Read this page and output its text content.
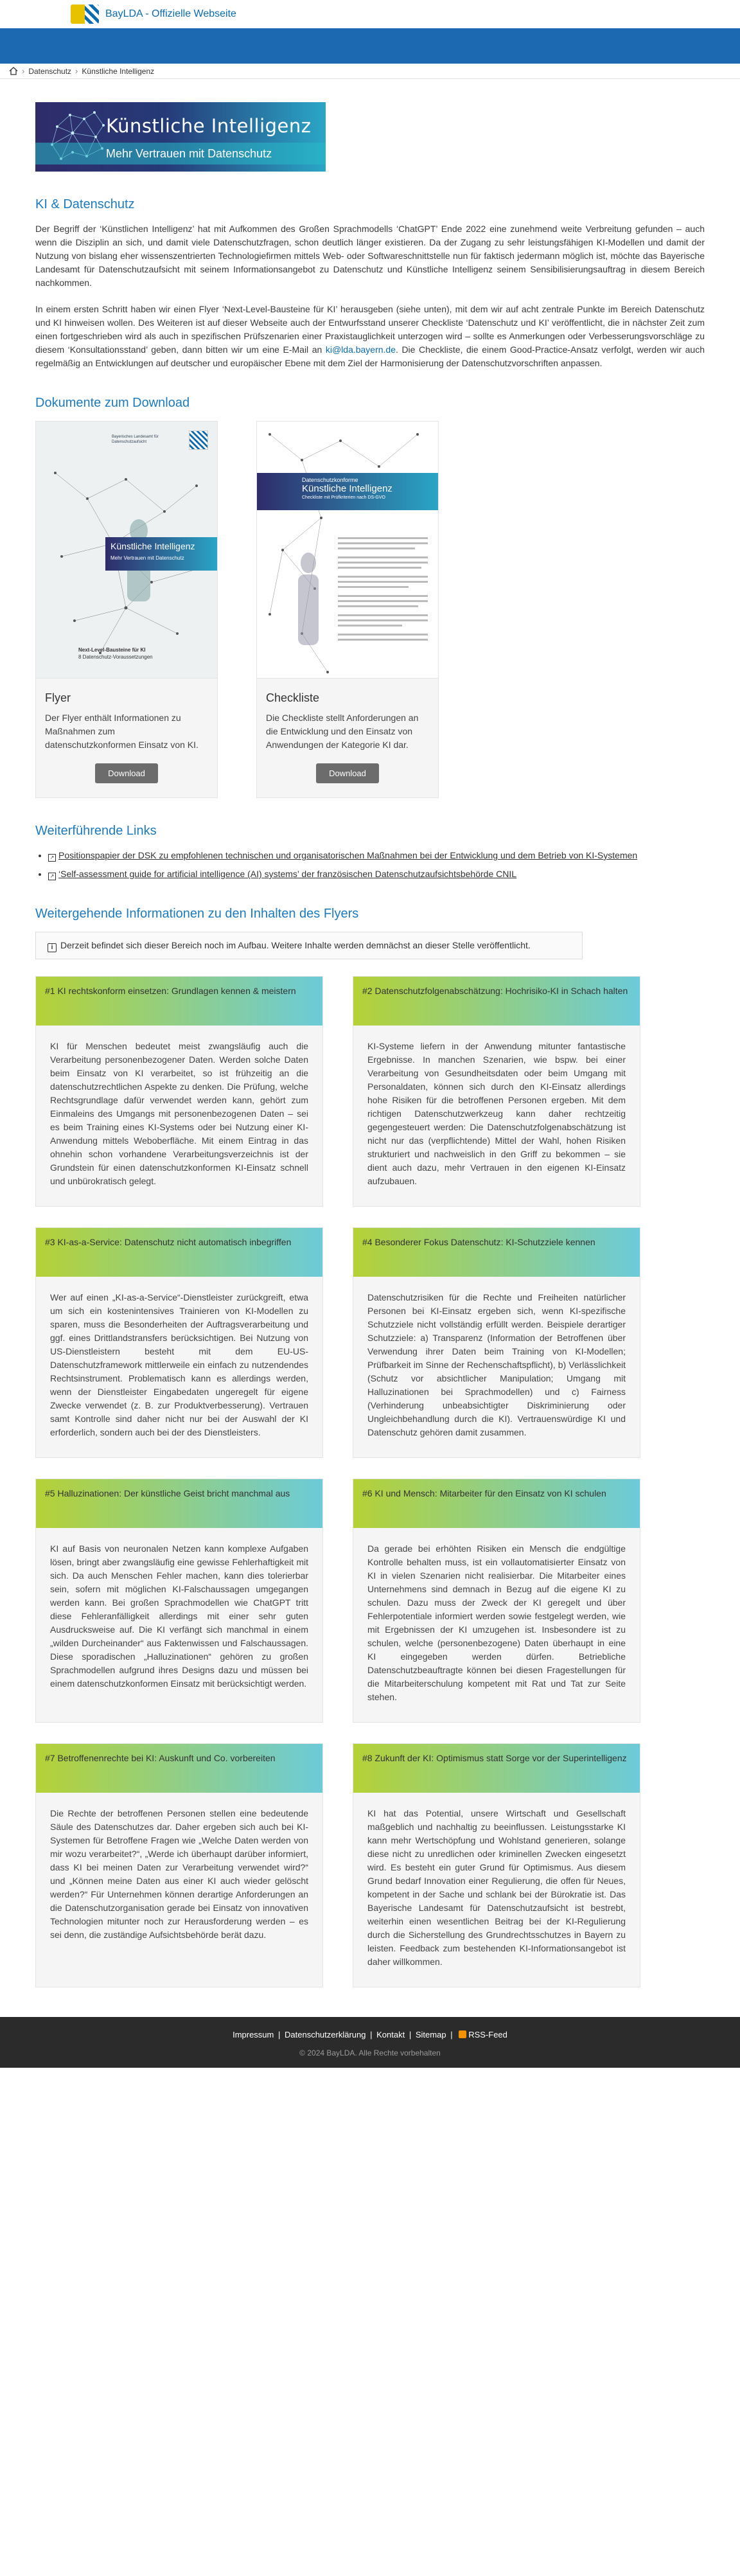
BayLDA - Offizielle Webseite
› Datenschutz › Künstliche Intelligenz
Künstliche Intelligenz
Mehr Vertrauen mit Datenschutz
KI & Datenschutz

Der Begriff der ‘Künstlichen Intelligenz’ hat mit Aufkommen des Großen Sprachmodells ‘ChatGPT’ Ende 2022 eine zunehmend weite Verbreitung gefunden – auch wenn die Disziplin an sich, und damit viele Datenschutzfragen, schon deutlich länger existieren. Da der Zugang zu sehr leistungsfähigen KI-Modellen und damit der Nutzung von bislang eher wissenszentrierten Technologiefirmen mittels Web- oder Softwareschnittstelle nun für faktisch jedermann möglich ist, möchte das Bayerische Landesamt für Datenschutzaufsicht mit seinem Informationsangebot zu Datenschutz und Künstliche Intelligenz seinem Sensibilisierungsauftrag in diesem Bereich nachkommen.

In einem ersten Schritt haben wir einen Flyer ‘Next-Level-Bausteine für KI’ herausgeben (siehe unten), mit dem wir auf acht zentrale Punkte im Bereich Datenschutz und KI hinweisen wollen. Des Weiteren ist auf dieser Webseite auch der Entwurfsstand unserer Checkliste ‘Datenschutz und KI’ veröffentlicht, die in nächster Zeit zum einen fortgeschrieben wird als auch in spezifischen Prüfszenarien einer Praxistauglichkeit unterzogen wird – sollte es Anmerkungen oder Verbesserungsvorschläge zu diesem ‘Konsultationsstand’ geben, dann bitten wir um eine E-Mail an ki@lda.bayern.de. Die Checkliste, die einem Good-Practice-Ansatz verfolgt, werden wir auch regelmäßig an Entwicklungen auf deutscher und europäischer Ebene mit dem Ziel der Harmonisierung der Datenschutzvorschriften anpassen.

Dokumente zum Download
Bayerisches Landesamt für Datenschutzaufsicht
Künstliche Intelligenz
Mehr Vertrauen mit Datenschutz
Next-Level-Bausteine für KI
8 Datenschutz-Voraussetzungen
Flyer

Der Flyer enthält Informationen zu Maßnahmen zum datenschutzkonformen Einsatz von KI.

Download
Datenschutzkonforme
Künstliche Intelligenz
Checkliste mit Prüfkriterien nach DS-GVO
Checkliste

Die Checkliste stellt Anforderungen an die Entwicklung und den Einsatz von Anwendungen der Kategorie KI dar.

Download
Weiterführende Links
• ↗ Positionspapier der DSK zu empfohlenen technischen und organisatorischen Maßnahmen bei der Entwicklung und dem Betrieb von KI-Systemen
• ↗ ‘Self-assessment guide for artificial intelligence (AI) systems’ der französischen Datenschutzaufsichtsbehörde CNIL
Weitergehende Informationen zu den Inhalten des Flyers
i Derzeit befindet sich dieser Bereich noch im Aufbau. Weitere Inhalte werden demnächst an dieser Stelle veröffentlicht.
#1 KI rechtskonform einsetzen: Grundlagen kennen & meistern
KI für Menschen bedeutet meist zwangsläufig auch die Verarbeitung personenbezogener Daten. Werden solche Daten beim Einsatz von KI verarbeitet, so ist frühzeitig an die datenschutzrechtlichen Aspekte zu denken. Die Prüfung, welche Rechtsgrundlage dafür verwendet werden kann, gehört zum Einmaleins des Umgangs mit personenbezogenen Daten – sei es beim Training eines KI-Systems oder bei Nutzung einer KI-Anwendung mittels Weboberfläche. Mit einem Eintrag in das ohnehin schon vorhandene Verarbeitungsverzeichnis ist der Grundstein für einen datenschutzkonformen KI-Einsatz schnell und unbürokratisch gelegt.
#2 Datenschutzfolgenabschätzung: Hochrisiko-KI in Schach halten
KI-Systeme liefern in der Anwendung mitunter fantastische Ergebnisse. In manchen Szenarien, wie bspw. bei einer Verarbeitung von Gesundheitsdaten oder beim Umgang mit Personaldaten, können sich durch den KI-Einsatz allerdings hohe Risiken für die betroffenen Personen ergeben. Mit dem richtigen Datenschutzwerkzeug kann daher rechtzeitig gegengesteuert werden: Die Datenschutzfolgenabschätzung ist nicht nur das (verpflichtende) Mittel der Wahl, hohen Risiken strukturiert und nachweislich in den Griff zu bekommen – sie dient auch dazu, mehr Vertrauen in den eigenen KI-Einsatz aufzubauen.
#3 KI-as-a-Service: Datenschutz nicht automatisch inbegriffen
Wer auf einen „KI-as-a-Service“-Dienstleister zurückgreift, etwa um sich ein kostenintensives Trainieren von KI-Modellen zu sparen, muss die Besonderheiten der Auftragsverarbeitung und ggf. eines Drittlandstransfers berücksichtigen. Bei Nutzung von US-Dienstleistern besteht mit dem EU-US-Datenschutzframework mittlerweile ein einfach zu nutzendendes Rechtsinstrument. Problematisch kann es allerdings werden, wenn der Dienstleister Eingabedaten ungeregelt für eigene Zwecke verwendet (z. B. zur Produktverbesserung). Vertrauen samt Kontrolle sind daher nicht nur bei der Auswahl der KI erforderlich, sondern auch bei der des Dienstleisters.
#4 Besonderer Fokus Datenschutz: KI-Schutzziele kennen
Datenschutzrisiken für die Rechte und Freiheiten natürlicher Personen bei KI-Einsatz ergeben sich, wenn KI-spezifische Schutzziele nicht vollständig erfüllt werden. Beispiele derartiger Schutzziele: a) Transparenz (Information der Betroffenen über Verwendung ihrer Daten beim Training von KI-Modellen; Prüfbarkeit im Sinne der Rechenschaftspflicht), b) Verlässlichkeit (Schutz vor absichtlicher Manipulation; Umgang mit Halluzinationen bei Sprachmodellen) und c) Fairness (Verhinderung unbeabsichtigter Diskriminierung oder Ungleichbehandlung durch die KI). Vertrauenswürdige KI und Datenschutz gehören damit zusammen.
#5 Halluzinationen: Der künstliche Geist bricht manchmal aus
KI auf Basis von neuronalen Netzen kann komplexe Aufgaben lösen, bringt aber zwangsläufig eine gewisse Fehlerhaftigkeit mit sich. Da auch Menschen Fehler machen, kann dies tolerierbar sein, sofern mit möglichen KI-Falschaussagen umgegangen werden kann. Bei großen Sprachmodellen wie ChatGPT tritt diese Fehleranfälligkeit allerdings mit einer sehr guten Ausdrucksweise auf. Die KI verfängt sich manchmal in einem „wilden Durcheinander“ aus Faktenwissen und Falschaussagen. Diese sporadischen „Halluzinationen“ gehören zu großen Sprachmodellen aufgrund ihres Designs dazu und müssen bei einem datenschutzkonformen Einsatz mit berücksichtigt werden.
#6 KI und Mensch: Mitarbeiter für den Einsatz von KI schulen
Da gerade bei erhöhten Risiken ein Mensch die endgültige Kontrolle behalten muss, ist ein vollautomatisierter Einsatz von KI in vielen Szenarien nicht realisierbar. Die Mitarbeiter eines Unternehmens sind demnach in Bezug auf die eigene KI zu schulen. Dazu muss der Zweck der KI geregelt und über Fehlerpotentiale informiert werden sowie festgelegt werden, wie mit Ergebnissen der KI umzugehen ist. Insbesondere ist zu schulen, welche (personenbezogene) Daten überhaupt in eine KI eingegeben werden dürfen. Betriebliche Datenschutzbeauftragte können bei diesen Fragestellungen für die Mitarbeiterschulung kompetent mit Rat und Tat zur Seite stehen.
#7 Betroffenenrechte bei KI: Auskunft und Co. vorbereiten
Die Rechte der betroffenen Personen stellen eine bedeutende Säule des Datenschutzes dar. Daher ergeben sich auch bei KI-Systemen für Betroffene Fragen wie „Welche Daten werden von mir wozu verarbeitet?“, „Werde ich überhaupt darüber informiert, dass KI bei meinen Daten zur Verarbeitung verwendet wird?“ und „Können meine Daten aus einer KI auch wieder gelöscht werden?“ Für Unternehmen können derartige Anforderungen an die Datenschutzorganisation gerade bei Einsatz von innovativen Technologien mitunter noch zur Herausforderung werden – es sei denn, die zuständige Aufsichtsbehörde berät dazu.
#8 Zukunft der KI: Optimismus statt Sorge vor der Superintelligenz
KI hat das Potential, unsere Wirtschaft und Gesellschaft maßgeblich und nachhaltig zu beeinflussen. Leistungsstarke KI kann mehr Wertschöpfung und Wohlstand generieren, solange diese nicht zu unredlichen oder kriminellen Zwecken eingesetzt wird. Es besteht ein guter Grund für Optimismus. Aus diesem Grund bedarf Innovation einer Regulierung, die offen für Neues, kompetent in der Sache und schlank bei der Bürokratie ist. Das Bayerische Landesamt für Datenschutzaufsicht ist bestrebt, weiterhin einen wesentlichen Beitrag bei der KI-Regulierung durch die Sicherstellung des Grundrechtsschutzes in Bayern zu leisten. Feedback zum bestehenden KI-Informationsangebot ist daher willkommen.
Impressum | Datenschutzerklärung | Kontakt | Sitemap | RSS-Feed
© 2024 BayLDA. Alle Rechte vorbehalten
